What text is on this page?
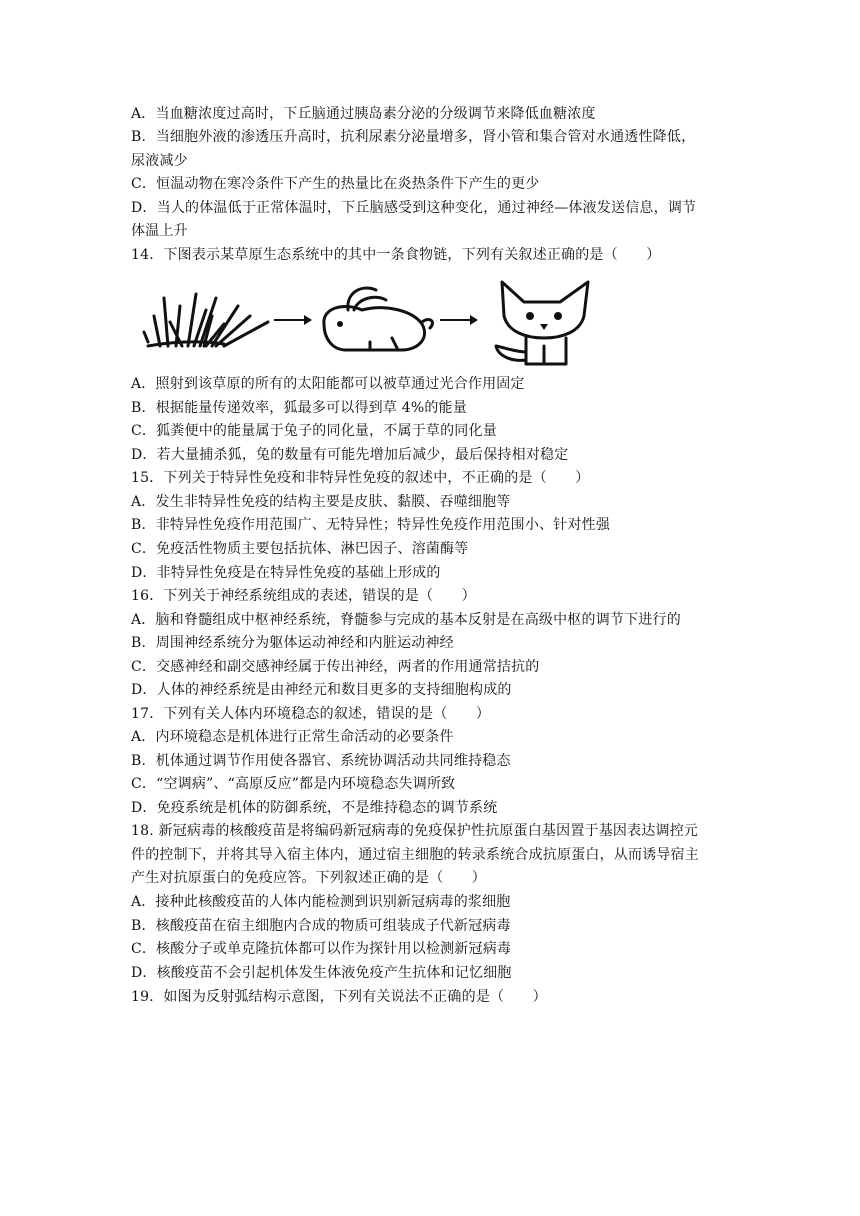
A．当血糖浓度过高时，下丘脑通过胰岛素分泌的分级调节来降低血糖浓度
B．当细胞外液的渗透压升高时，抗利尿素分泌量增多，肾小管和集合管对水通透性降低，
尿液减少
C．恒温动物在寒冷条件下产生的热量比在炎热条件下产生的更少
D．当人的体温低于正常体温时，下丘脑感受到这种变化，通过神经—体液发送信息，调节
体温上升
14．下图表示某草原生态系统中的其中一条食物链，下列有关叙述正确的是（　　）
A．照射到该草原的所有的太阳能都可以被草通过光合作用固定
B．根据能量传递效率，狐最多可以得到草 4%的能量
C．狐粪便中的能量属于兔子的同化量，不属于草的同化量
D．若大量捕杀狐，兔的数量有可能先增加后减少，最后保持相对稳定
15．下列关于特异性免疫和非特异性免疫的叙述中，不正确的是（　　）
A．发生非特异性免疫的结构主要是皮肤、黏膜、吞噬细胞等
B．非特异性免疫作用范围广、无特异性；特异性免疫作用范围小、针对性强
C．免疫活性物质主要包括抗体、淋巴因子、溶菌酶等
D．非特异性免疫是在特异性免疫的基础上形成的
16．下列关于神经系统组成的表述，错误的是（　　）
A．脑和脊髓组成中枢神经系统，脊髓参与完成的基本反射是在高级中枢的调节下进行的
B．周围神经系统分为躯体运动神经和内脏运动神经
C．交感神经和副交感神经属于传出神经，两者的作用通常拮抗的
D．人体的神经系统是由神经元和数目更多的支持细胞构成的
17．下列有关人体内环境稳态的叙述，错误的是（　　）
A．内环境稳态是机体进行正常生命活动的必要条件
B．机体通过调节作用使各器官、系统协调活动共同维持稳态
C．“空调病”、“高原反应”都是内环境稳态失调所致
D．免疫系统是机体的防御系统，不是维持稳态的调节系统
18. 新冠病毒的核酸疫苗是将编码新冠病毒的免疫保护性抗原蛋白基因置于基因表达调控元
件的控制下，并将其导入宿主体内，通过宿主细胞的转录系统合成抗原蛋白，从而诱导宿主
产生对抗原蛋白的免疫应答。下列叙述正确的是（　　）
A．接种此核酸疫苗的人体内能检测到识别新冠病毒的浆细胞
B．核酸疫苗在宿主细胞内合成的物质可组装成子代新冠病毒
C．核酸分子或单克隆抗体都可以作为探针用以检测新冠病毒
D．核酸疫苗不会引起机体发生体液免疫产生抗体和记忆细胞
19．如图为反射弧结构示意图，下列有关说法不正确的是（　　）
